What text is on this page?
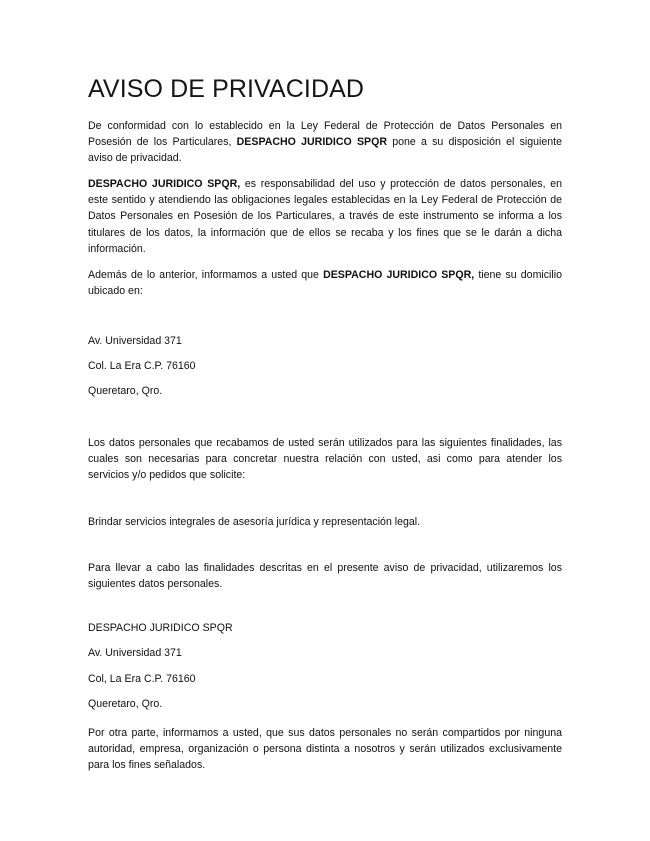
AVISO DE PRIVACIDAD

De conformidad con lo establecido en la Ley Federal de Protección de Datos Personales en Posesión de los Particulares, DESPACHO JURIDICO SPQR pone a su disposición el siguiente aviso de privacidad.

DESPACHO JURIDICO SPQR, es responsabilidad del uso y protección de datos personales, en este sentido y atendiendo las obligaciones legales establecidas en la Ley Federal de Protección de Datos Personales en Posesión de los Particulares, a través de este instrumento se informa a los titulares de los datos, la información que de ellos se recaba y los fines que se le darán a dicha información.

Además de lo anterior, informamos a usted que DESPACHO JURIDICO SPQR, tiene su domicilio ubicado en:

Av. Universidad 371
Col. La Era C.P. 76160
Queretaro, Qro.

Los datos personales que recabamos de usted serán utilizados para las siguientes finalidades, las cuales son necesarias para concretar nuestra relación con usted, asi como para atender los servicios y/o pedidos que solicite:

Brindar servicios integrales de asesoría jurídica y representación legal.

Para llevar a cabo las finalidades descritas en el presente aviso de privacidad, utilizaremos los siguientes datos personales.

DESPACHO JURIDICO SPQR
Av. Universidad 371
Col, La Era C.P. 76160
Queretaro, Qro.

Por otra parte, informamos a usted, que sus datos personales no serán compartidos por ninguna autoridad, empresa, organización o persona distinta a nosotros y serán utilizados exclusivamente para los fines señalados.
